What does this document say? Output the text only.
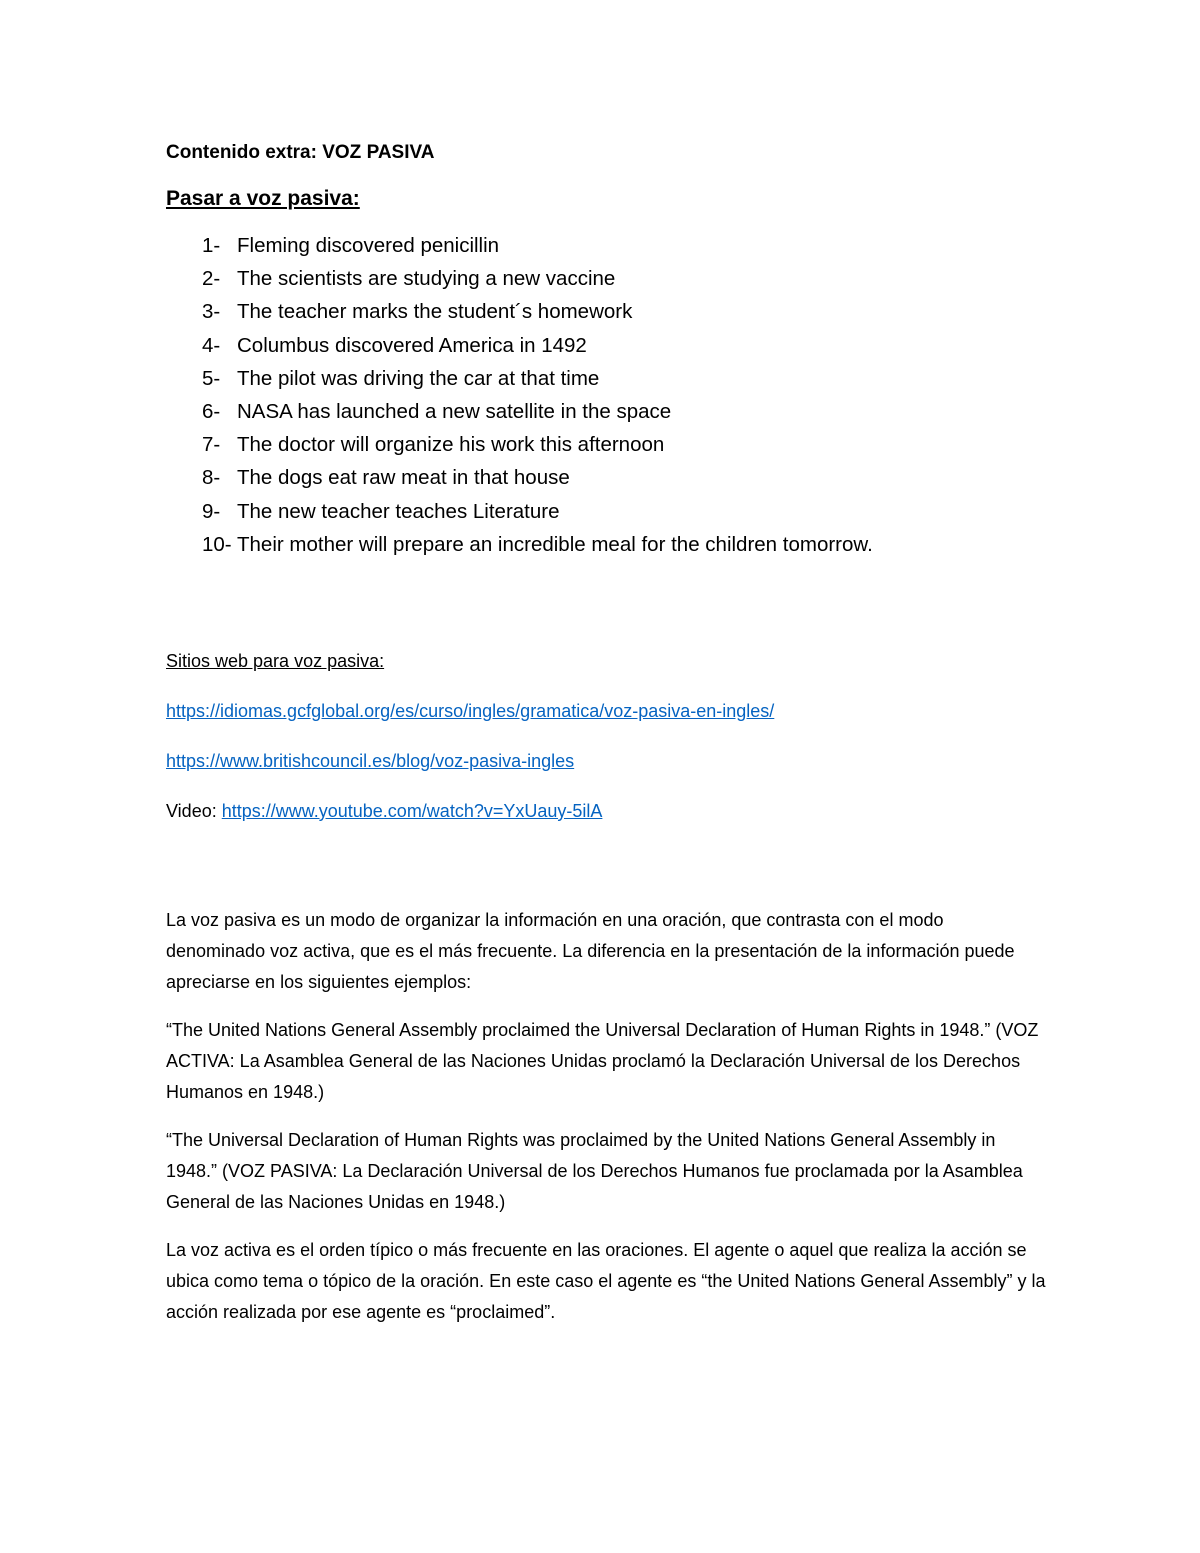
Contenido extra: VOZ PASIVA

Pasar a voz pasiva:

1- Fleming discovered penicillin
2- The scientists are studying a new vaccine
3- The teacher marks the student´s homework
4- Columbus discovered America in 1492
5- The pilot was driving the car at that time
6- NASA has launched a new satellite in the space
7- The doctor will organize his work this afternoon
8- The dogs eat raw meat in that house
9- The new teacher teaches Literature
10- Their mother will prepare an incredible meal for the children tomorrow.

Sitios web para voz pasiva:

https://idiomas.gcfglobal.org/es/curso/ingles/gramatica/voz-pasiva-en-ingles/

https://www.britishcouncil.es/blog/voz-pasiva-ingles

Video: https://www.youtube.com/watch?v=YxUauy-5ilA

La voz pasiva es un modo de organizar la información en una oración, que contrasta con el modo denominado voz activa, que es el más frecuente. La diferencia en la presentación de la información puede apreciarse en los siguientes ejemplos:

“The United Nations General Assembly proclaimed the Universal Declaration of Human Rights in 1948.” (VOZ ACTIVA: La Asamblea General de las Naciones Unidas proclamó la Declaración Universal de los Derechos Humanos en 1948.)

“The Universal Declaration of Human Rights was proclaimed by the United Nations General Assembly in 1948.” (VOZ PASIVA: La Declaración Universal de los Derechos Humanos fue proclamada por la Asamblea General de las Naciones Unidas en 1948.)

La voz activa es el orden típico o más frecuente en las oraciones. El agente o aquel que realiza la acción se ubica como tema o tópico de la oración. En este caso el agente es “the United Nations General Assembly” y la acción realizada por ese agente es “proclaimed”.
